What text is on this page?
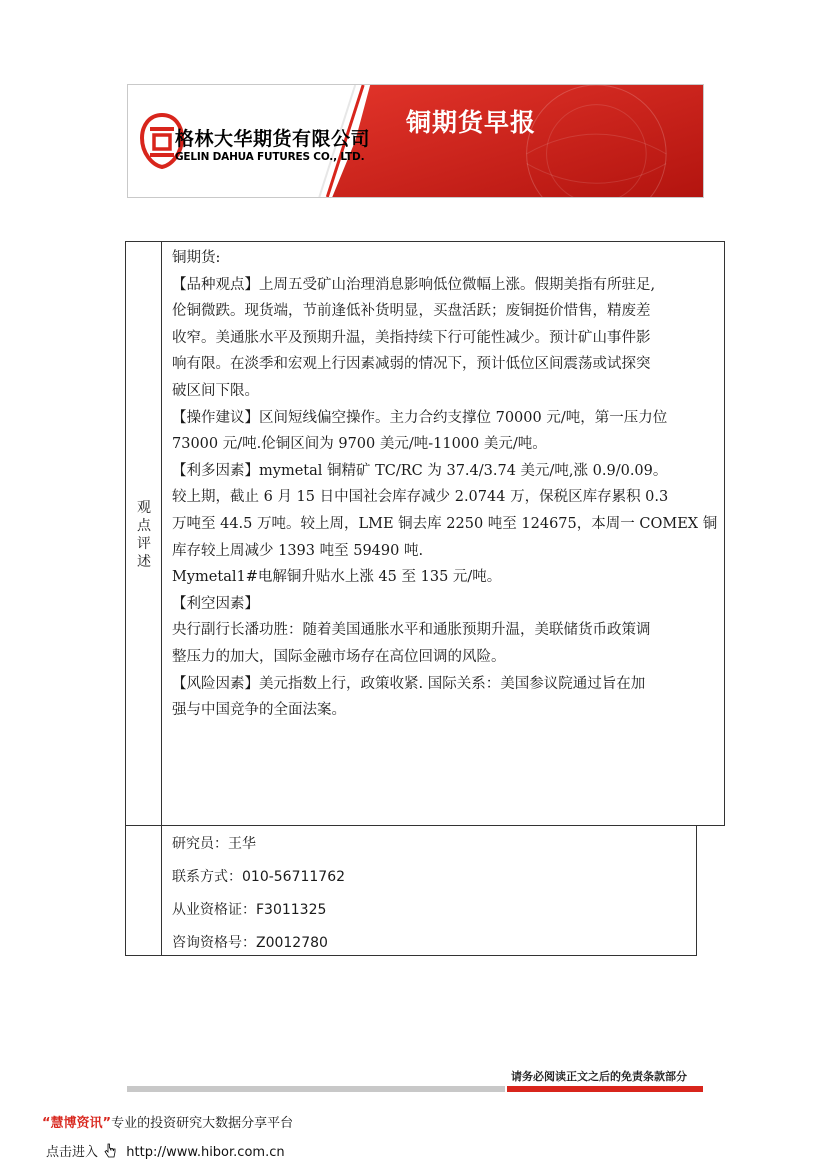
格林大华期货有限公司
GELIN DAHUA FUTURES CO., LTD.
铜期货早报
观点评述
铜期货:
【品种观点】上周五受矿山治理消息影响低位微幅上涨。假期美指有所驻足,
伦铜微跌。现货端，节前逢低补货明显，买盘活跃；废铜挺价惜售，精废差
收窄。美通胀水平及预期升温，美指持续下行可能性减少。预计矿山事件影
响有限。在淡季和宏观上行因素减弱的情况下，预计低位区间震荡或试探突
破区间下限。
【操作建议】区间短线偏空操作。主力合约支撑位 70000 元/吨，第一压力位
73000 元/吨.伦铜区间为 9700 美元/吨-11000 美元/吨。
【利多因素】mymetal 铜精矿 TC/RC 为 37.4/3.74 美元/吨,涨 0.9/0.09。
较上期，截止 6 月 15 日中国社会库存减少 2.0744 万，保税区库存累积 0.3
万吨至 44.5 万吨。较上周，LME 铜去库 2250 吨至 124675，本周一 COMEX 铜
库存较上周减少 1393 吨至 59490 吨.
Mymetal1#电解铜升贴水上涨 45 至 135 元/吨。
【利空因素】
央行副行长潘功胜：随着美国通胀水平和通胀预期升温，美联储货币政策调
整压力的加大，国际金融市场存在高位回调的风险。
【风险因素】美元指数上行，政策收紧. 国际关系：美国参议院通过旨在加
强与中国竞争的全面法案。
研究员：王华
联系方式：010-56711762
从业资格证：F3011325
咨询资格号：Z0012780
请务必阅读正文之后的免责条款部分
“慧博资讯”专业的投资研究大数据分享平台
点击进入 http://www.hibor.com.cn
